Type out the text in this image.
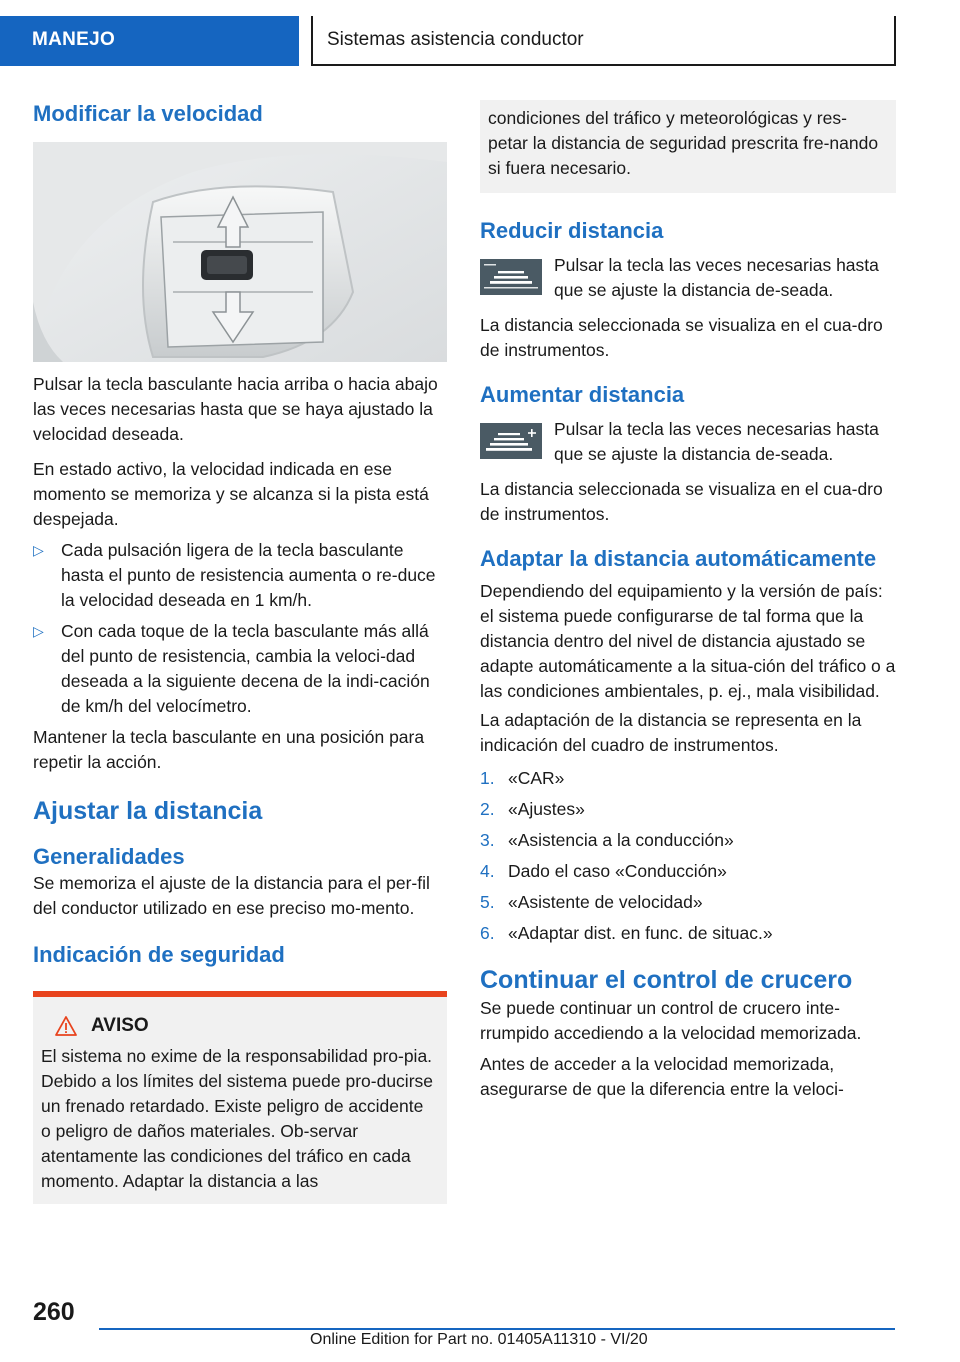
MANEJO	Sistemas asistencia conductor
Modificar la velocidad

Pulsar la tecla basculante hacia arriba o hacia abajo las veces necesarias hasta que se haya ajustado la velocidad deseada.

En estado activo, la velocidad indicada en ese momento se memoriza y se alcanza si la pista está despejada.

▷ Cada pulsación ligera de la tecla basculante hasta el punto de resistencia aumenta o re-duce la velocidad deseada en 1 km/h.
▷ Con cada toque de la tecla basculante más allá del punto de resistencia, cambia la veloci-dad deseada a la siguiente decena de la indi-cación de km/h del velocímetro.

Mantener la tecla basculante en una posición para repetir la acción.

Ajustar la distancia
Generalidades

Se memoriza el ajuste de la distancia para el per-fil del conductor utilizado en ese preciso mo-mento.

Indicación de seguridad
AVISO

El sistema no exime de la responsabilidad pro-pia. Debido a los límites del sistema puede pro-ducirse un frenado retardado. Existe peligro de accidente o peligro de daños materiales. Ob-servar atentamente las condiciones del tráfico en cada momento. Adaptar la distancia a las

condiciones del tráfico y meteorológicas y res-petar la distancia de seguridad prescrita fre-nando si fuera necesario.

Reducir distancia

Pulsar la tecla las veces necesarias hasta que se ajuste la distancia de-seada.

La distancia seleccionada se visualiza en el cua-dro de instrumentos.

Aumentar distancia

Pulsar la tecla las veces necesarias hasta que se ajuste la distancia de-seada.

La distancia seleccionada se visualiza en el cua-dro de instrumentos.

Adaptar la distancia automáticamente

Dependiendo del equipamiento y la versión de país: el sistema puede configurarse de tal forma que la distancia dentro del nivel de distancia ajustado se adapte automáticamente a la situa-ción del tráfico o a las condiciones ambientales, p. ej., mala visibilidad.

La adaptación de la distancia se representa en la indicación del cuadro de instrumentos.

1. «CAR»
2. «Ajustes»
3. «Asistencia a la conducción»
4. Dado el caso «Conducción»
5. «Asistente de velocidad»
6. «Adaptar dist. en func. de situac.»
Continuar el control de crucero

Se puede continuar un control de crucero inte-rrumpido accediendo a la velocidad memorizada.

Antes de acceder a la velocidad memorizada, asegurarse de que la diferencia entre la veloci-

260
Online Edition for Part no. 01405A11310 - VI/20
